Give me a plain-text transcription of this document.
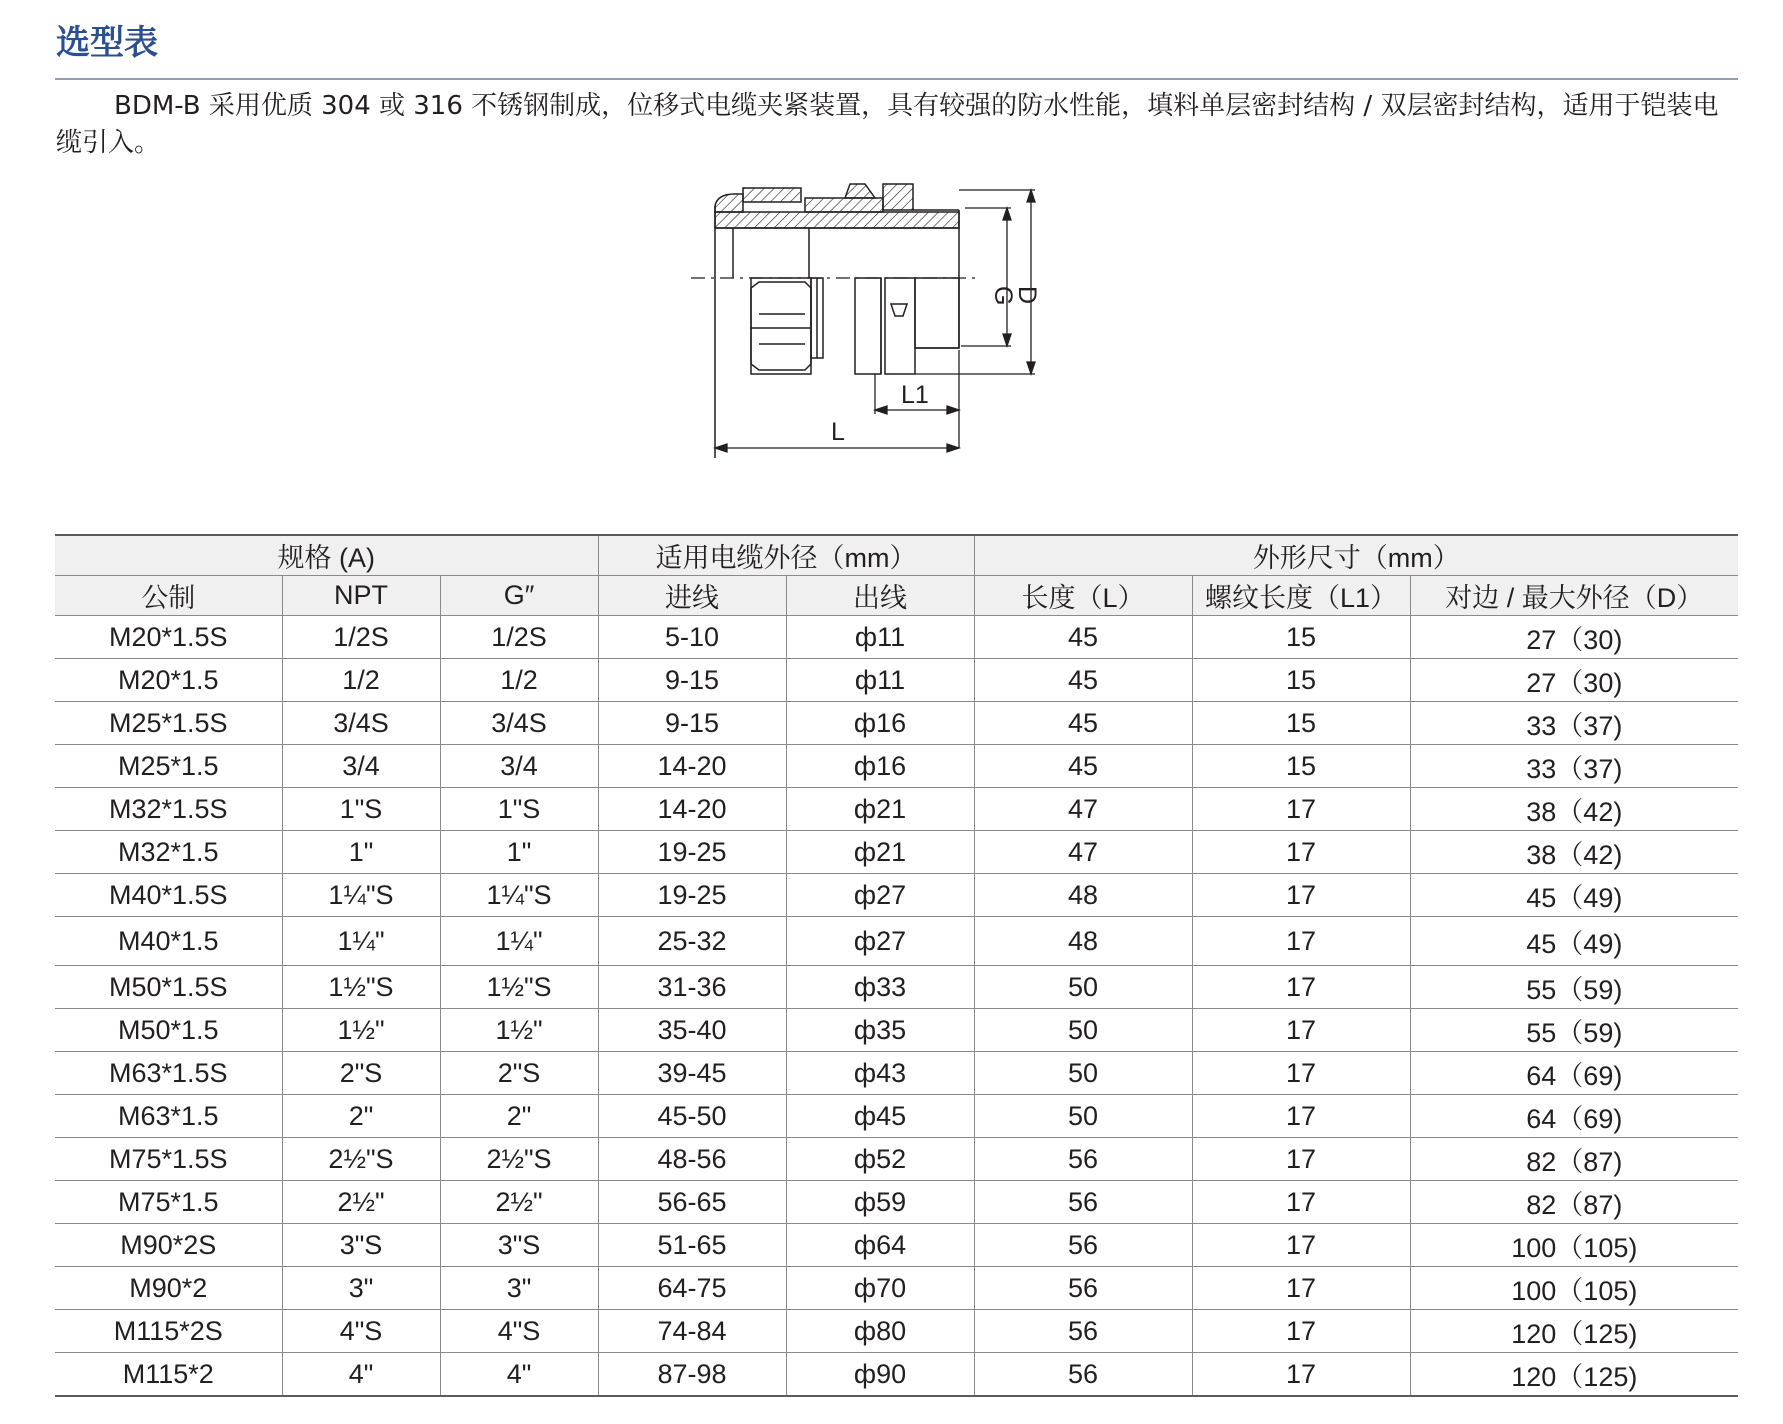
选型表

BDM-B 采用优质 304 或 316 不锈钢制成，位移式电缆夹紧装置，具有较强的防水性能，填料单层密封结构 / 双层密封结构，适用于铠装电缆引入。

G
D
L1
L
规格 (A)			适用电缆外径（mm）		外形尺寸（mm）		
公制	NPT	G″	进线	出线	长度（L）	螺纹长度（L1）	对边 / 最大外径（D）
M20*1.5S	1/2S	1/2S	5-10	ф11	45	15	27（30)
M20*1.5	1/2	1/2	9-15	ф11	45	15	27（30)
M25*1.5S	3/4S	3/4S	9-15	ф16	45	15	33（37)
M25*1.5	3/4	3/4	14-20	ф16	45	15	33（37)
M32*1.5S	1"S	1"S	14-20	ф21	47	17	38（42)
M32*1.5	1"	1"	19-25	ф21	47	17	38（42)
M40*1.5S	1¼"S	1¼"S	19-25	ф27	48	17	45（49)
M40*1.5	1¼"	1¼"	25-32	ф27	48	17	45（49)
M50*1.5S	1½"S	1½"S	31-36	ф33	50	17	55（59)
M50*1.5	1½"	1½"	35-40	ф35	50	17	55（59)
M63*1.5S	2"S	2"S	39-45	ф43	50	17	64（69)
M63*1.5	2"	2"	45-50	ф45	50	17	64（69)
M75*1.5S	2½"S	2½"S	48-56	ф52	56	17	82（87)
M75*1.5	2½"	2½"	56-65	ф59	56	17	82（87)
M90*2S	3"S	3"S	51-65	ф64	56	17	100（105)
M90*2	3"	3"	64-75	ф70	56	17	100（105)
M115*2S	4"S	4"S	74-84	ф80	56	17	120（125)
M115*2	4"	4"	87-98	ф90	56	17	120（125)
